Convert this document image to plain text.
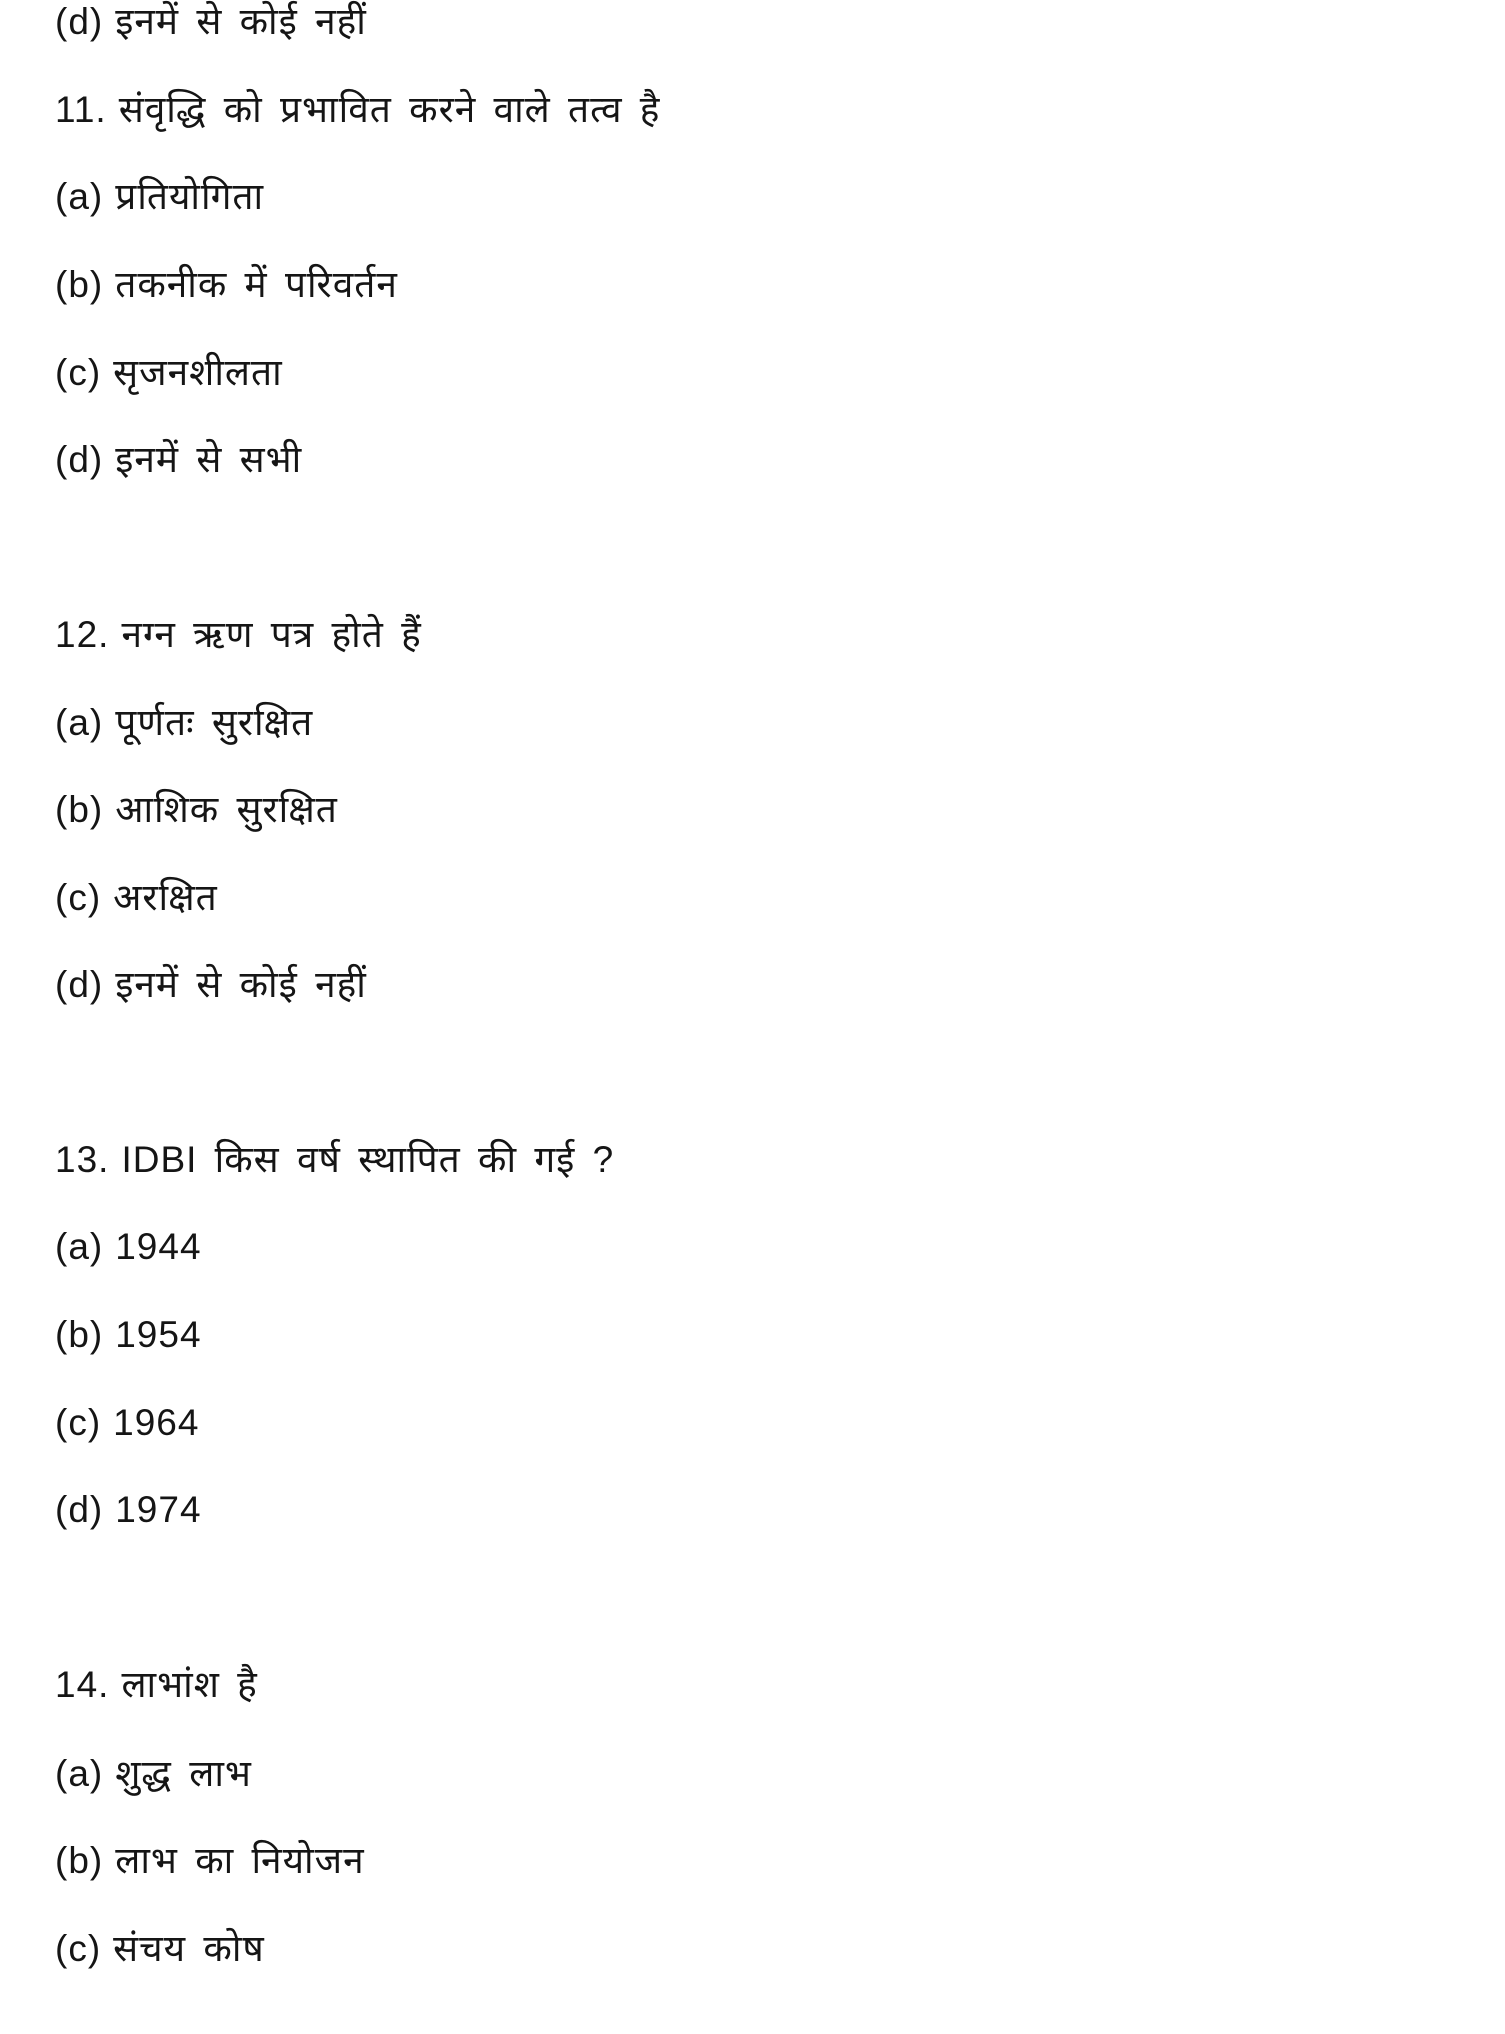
(d) इनमें से कोई नहीं
11. संवृद्धि को प्रभावित करने वाले तत्व है
(a) प्रतियोगिता
(b) तकनीक में परिवर्तन
(c) सृजनशीलता
(d) इनमें से सभी
12. नग्न ऋण पत्र होते हैं
(a) पूर्णतः सुरक्षित
(b) आशिक सुरक्षित
(c) अरक्षित
(d) इनमें से कोई नहीं
13. IDBI किस वर्ष स्थापित की गई ?
(a) 1944
(b) 1954
(c) 1964
(d) 1974
14. लाभांश है
(a) शुद्ध लाभ
(b) लाभ का नियोजन
(c) संचय कोष
